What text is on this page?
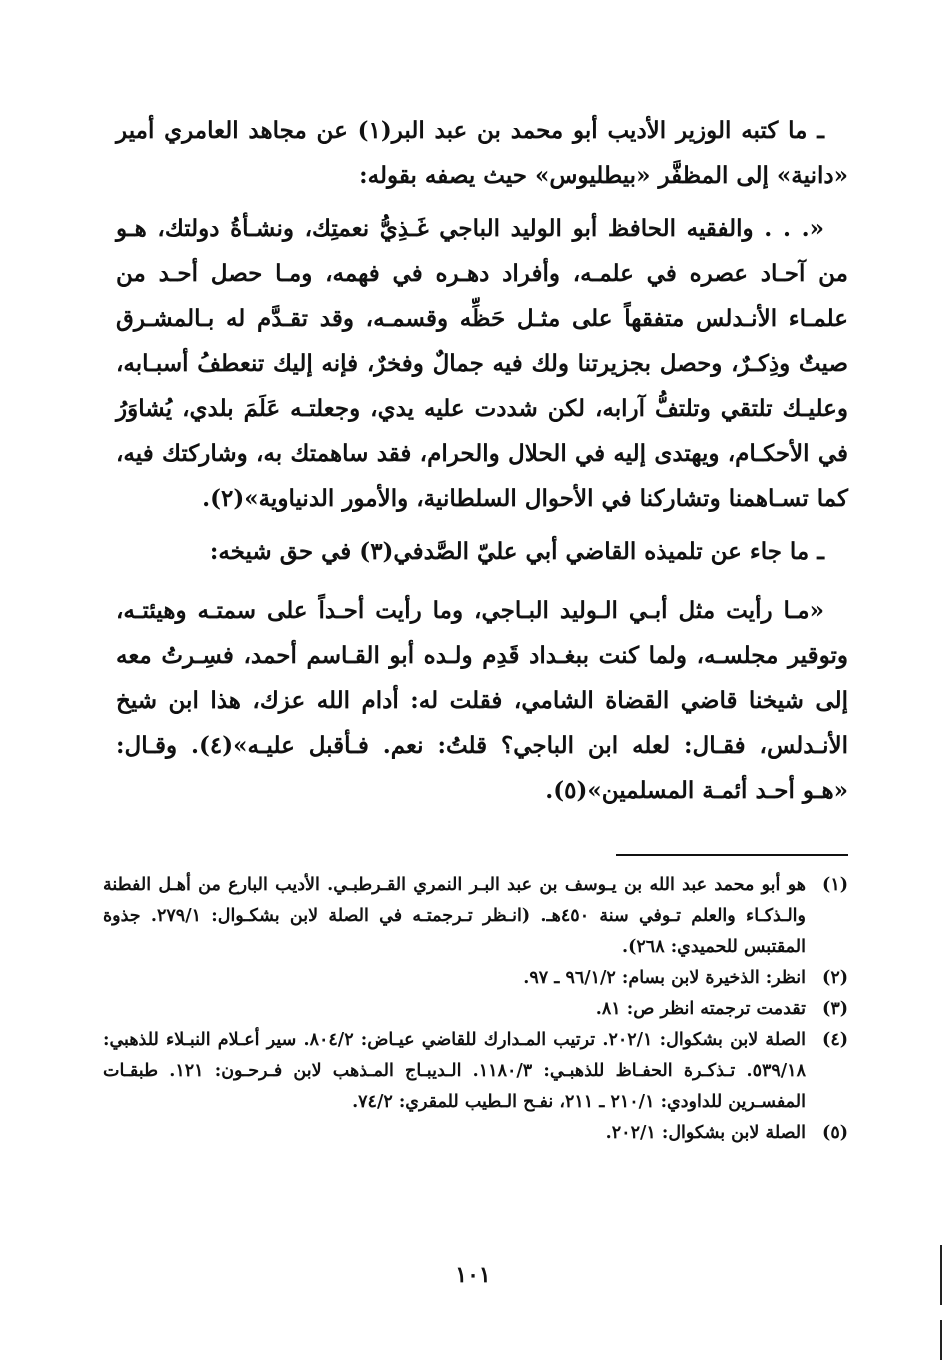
ـ ما كتبه الوزير الأديب أبو محمد بن عبد البر(١) عن مجاهد العامري أمير «دانية» إلى المظفَّر «بيطليوس» حيث يصفه بقوله:

«. . . والفقيه الحافظ أبو الوليد الباجي غَـذِيُّ نعمتِك، ونشـأةُ دولتك، هـو من آحـاد عصره في علمـه، وأفراد دهـره في فهمه، ومـا حصل أحـد من علمـاء الأنـدلس متفقهاً على مثـل حَظِّه وقسمـه، وقد تقـدَّم له بـالمشـرق صيتٌ وذِكـرٌ، وحصل بجزيرتنا ولك فيه جمالٌ وفخرٌ، فإنه إليك تنعطفُ أسبـابه، وعليـك تلتقي وتلتفُّ آرابه، لكن شددت عليه يدي، وجعلتـه عَلَمَ بلدي، يُشاوَرُ في الأحكـام، ويهتدى إليه في الحلال والحرام، فقد ساهمتك به، وشاركتك فيه، كما تسـاهمنا وتشاركنا في الأحوال السلطانية، والأمور الدنياوية»(٢).

ـ ما جاء عن تلميذه القاضي أبي عليّ الصَّدفي(٣) في حق شيخه:

«مـا رأيت مثل أبـي الـوليد البـاجي، وما رأيت أحـداً على سمتـه وهيئتـه، وتوقير مجلسـه، ولما كنت ببغـداد قَدِم ولـده أبو القـاسم أحمد، فسِـرتُ معه إلى شيخنا قاضي القضاة الشامي، فقلت له: أدام الله عزك، هذا ابن شيخ الأنـدلس، فقـال: لعله ابن الباجي؟ قلتُ: نعم. فـأقبل عليـه»(٤). وقـال: «هـو أحـد أئمـة المسلمين»(٥).

(١)
هو أبو محمد عبد الله بن يـوسف بن عبد البـر النمري القـرطبـي. الأديب البارع من أهـل الفطنة والـذكـاء والعلم تـوفي سنة ٤٥٠هـ. (انـظر تـرجمتـه في الصلة لابن بشكـوال: ٢٧٩/١. جذوة المقتبس للحميدي: ٢٦٨).
(٢)
انظر: الذخيرة لابن بسام: ٩٦/١/٢ ـ ٩٧.
(٣)
تقدمت ترجمته انظر ص: ٨١.
(٤)
الصلة لابن بشكوال: ٢٠٢/١. ترتيب المـدارك للقاضي عيـاض: ٨٠٤/٢. سير أعـلام النبـلاء للذهبي: ٥٣٩/١٨. تـذكـرة الحفـاظ للذهبـي: ١١٨٠/٣. الـديبـاج المـذهب لابن فـرحـون: ١٢١. طبقـات المفسـرين للداودي: ٢١٠/١ ـ ٢١١، نفـح الـطيب للمقري: ٧٤/٢.
(٥)
الصلة لابن بشكوال: ٢٠٢/١.
١٠١
